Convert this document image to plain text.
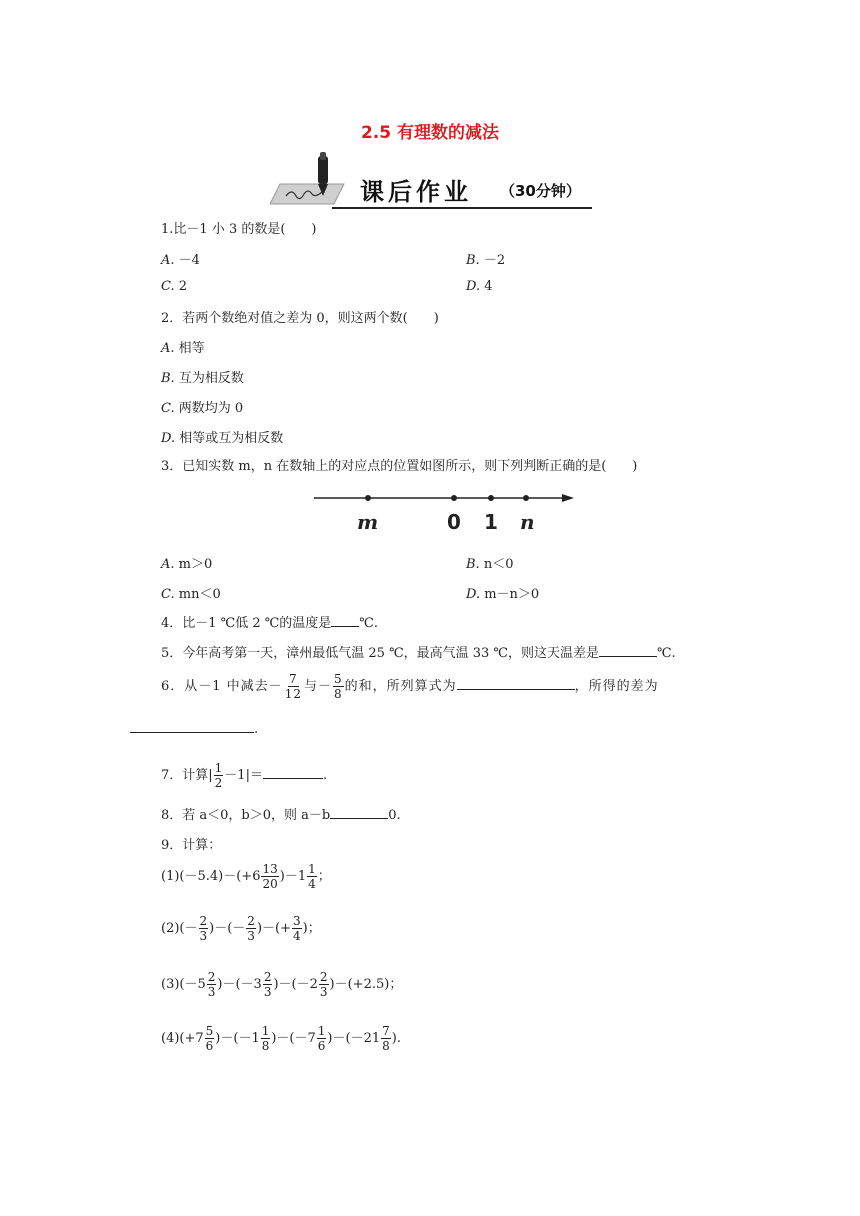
2.5 有理数的减法
课后作业 （30分钟）
1.比－1 小 3 的数是(　　)
A. －4	B. －2
C. 2	D. 4
2．若两个数绝对值之差为 0，则这两个数(　　)
A. 相等
B. 互为相反数
C. 两数均为 0
D. 相等或互为相反数
3．已知实数 m，n 在数轴上的对应点的位置如图所示，则下列判断正确的是(　　)
m	0 1 n
A. m＞0	B. n＜0
C. mn＜0	D. m－n＞0
4．比－1 ℃低 2 ℃的温度是 ℃.
5．今年高考第一天，漳州最低气温 25 ℃，最高气温 33 ℃，则这天温差是	℃.
6．从－1 中减去－ $\frac{7}{12}$ 与－ $\frac{5}{8}$ 的和，所列算式为	，所得的差为
.
7．计算| $\frac{1}{2} -1|=$	.
8．若 a＜0，b＞0，则 a－b	0.
9．计算：
$(1)(-5.4)-(+6 \frac{13}{20} )-1 \frac{1}{4}$ ；
$(2)(- \frac{2}{3}$ )－(－ $\frac{2}{3}$ )－(+ $\frac{3}{4}$ )；
$(3)(-5 \frac{2}{3} )-(-3 \frac{2}{3} )-(-2 \frac{2}{3} )-(+2.5)$；
$(4)(+7 \frac{5}{6} )-(-1 \frac{1}{8} )-(-7 \frac{1}{6} )-(-21 \frac{7}{8}$ ).
